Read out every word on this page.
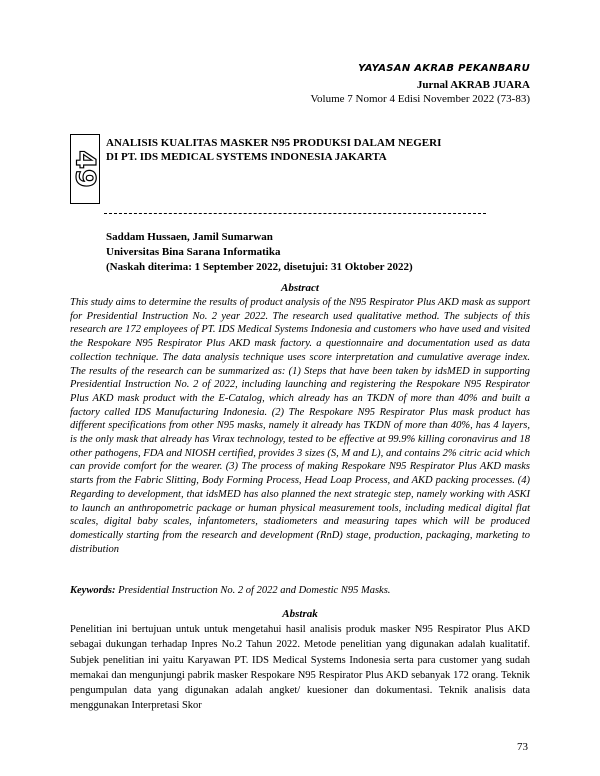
YAYASAN AKRAB PEKANBARU
Jurnal AKRAB JUARA
Volume 7 Nomor 4 Edisi November 2022 (73-83)
49
ANALISIS KUALITAS MASKER N95 PRODUKSI DALAM NEGERI
DI PT. IDS MEDICAL SYSTEMS INDONESIA JAKARTA
Saddam Hussaen, Jamil Sumarwan
Universitas Bina Sarana Informatika
(Naskah diterima: 1 September 2022, disetujui: 31 Oktober 2022)
Abstract

This study aims to determine the results of product analysis of the N95 Respirator Plus AKD mask as support for Presidential Instruction No. 2 year 2022. The research used qualitative method. The subjects of this research are 172 employees of PT. IDS Medical Systems Indonesia and customers who have used and visited the Respokare N95 Respirator Plus AKD mask factory. a questionnaire and documentation used as data collection technique. The data analysis technique uses score interpretation and cumulative average index. The results of the research can be summarized as: (1) Steps that have been taken by idsMED in supporting Presidential Instruction No. 2 of 2022, including launching and registering the Respokare N95 Respirator Plus AKD mask product with the E-Catalog, which already has an TKDN of more than 40% and built a factory called IDS Manufacturing Indonesia. (2) The Respokare N95 Respirator Plus mask product has different specifications from other N95 masks, namely it already has TKDN of more than 40%, has 4 layers, is the only mask that already has Virax technology, tested to be effective at 99.9% killing coronavirus and 18 other pathogens, FDA and NIOSH certified, provides 3 sizes (S, M and L), and contains 2% citric acid which can provide comfort for the wearer. (3) The process of making Respokare N95 Respirator Plus AKD masks starts from the Fabric Slitting, Body Forming Process, Head Loap Process, and AKD packing processes. (4) Regarding to development, that idsMED has also planned the next strategic step, namely working with ASKI to launch an anthropometric package or human physical measurement tools, including medical digital flat scales, digital baby scales, infantometers, stadiometers and measuring tapes which will be produced domestically starting from the research and development (RnD) stage, production, packaging, marketing to distribution

Keywords: Presidential Instruction No. 2 of 2022 and Domestic N95 Masks.

Abstrak

Penelitian ini bertujuan untuk untuk mengetahui hasil analisis produk masker N95 Respirator Plus AKD sebagai dukungan terhadap Inpres No.2 Tahun 2022. Metode penelitian yang digunakan adalah kualitatif. Subjek penelitian ini yaitu Karyawan PT. IDS Medical Systems Indonesia serta para customer yang sudah memakai dan mengunjungi pabrik masker Respokare N95 Respirator Plus AKD sebanyak 172 orang. Teknik pengumpulan data yang digunakan adalah angket/ kuesioner dan dokumentasi. Teknik analisis data menggunakan Interpretasi Skor

73
